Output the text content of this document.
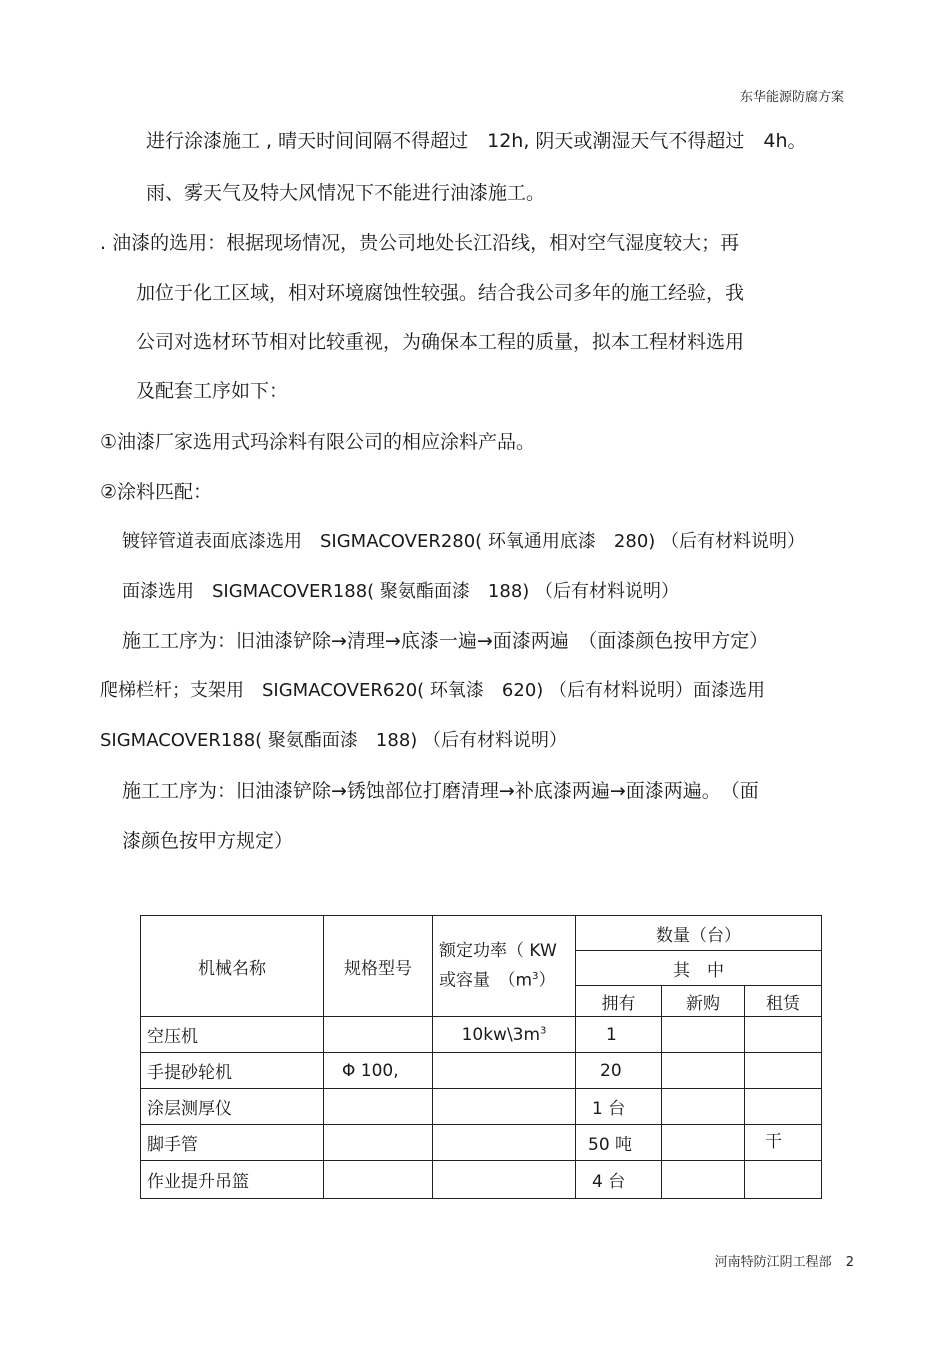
东华能源防腐方案
进行涂漆施工 , 晴天时间间隔不得超过　12h, 阴天或潮湿天气不得超过　4h。
雨、雾天气及特大风情况下不能进行油漆施工。
. 油漆的选用：根据现场情况，贵公司地处长江沿线，相对空气湿度较大；再
加位于化工区域，相对环境腐蚀性较强。结合我公司多年的施工经验，我
公司对选材环节相对比较重视，为确保本工程的质量，拟本工程材料选用
及配套工序如下：
①油漆厂家选用式玛涂料有限公司的相应涂料产品。
②涂料匹配：
镀锌管道表面底漆选用　SIGMACOVER280( 环氧通用底漆　280) （后有材料说明）
面漆选用　SIGMACOVER188( 聚氨酯面漆　188) （后有材料说明）
施工工序为：旧油漆铲除→清理→底漆一遍→面漆两遍　（面漆颜色按甲方定）
爬梯栏杆；支架用　SIGMACOVER620( 环氧漆　620) （后有材料说明）面漆选用
SIGMACOVER188( 聚氨酯面漆　188) （后有材料说明）
施工工序为：旧油漆铲除→锈蚀部位打磨清理→补底漆两遍→面漆两遍。　（面
漆颜色按甲方规定）
机械名称	规格型号	额定功率（ KW
或容量　$(m^3)$	数量（台）		
			其　中		
			拥有	新购	租赁
空压机		$10kw\backslash 3m^3$	1		
手提砂轮机	Φ 100,		20		
涂层测厚仪			1 台		
脚手管			50 吨		干
作业提升吊篮			4 台		
河南特防江阴工程部 2
